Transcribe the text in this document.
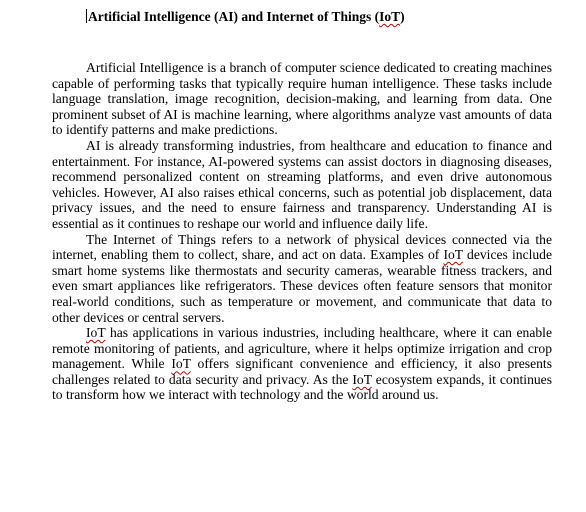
Artificial Intelligence (AI) and Internet of Things (IoT)

Artificial Intelligence is a branch of computer science dedicated to creating machines capable of performing tasks that typically require human intelligence. These tasks include language translation, image recognition, decision-making, and learning from data. One prominent subset of AI is machine learning, where algorithms analyze vast amounts of data to identify patterns and make predictions.

AI is already transforming industries, from healthcare and education to finance and entertainment. For instance, AI-powered systems can assist doctors in diagnosing diseases, recommend personalized content on streaming platforms, and even drive autonomous vehicles. However, AI also raises ethical concerns, such as potential job displacement, data privacy issues, and the need to ensure fairness and transparency. Understanding AI is essential as it continues to reshape our world and influence daily life.

The Internet of Things refers to a network of physical devices connected via the internet, enabling them to collect, share, and act on data. Examples of IoT devices include smart home systems like thermostats and security cameras, wearable fitness trackers, and even smart appliances like refrigerators. These devices often feature sensors that monitor real-world conditions, such as temperature or movement, and communicate that data to other devices or central servers.

IoT has applications in various industries, including healthcare, where it can enable remote monitoring of patients, and agriculture, where it helps optimize irrigation and crop management. While IoT offers significant convenience and efficiency, it also presents challenges related to data security and privacy. As the IoT ecosystem expands, it continues to transform how we interact with technology and the world around us.
